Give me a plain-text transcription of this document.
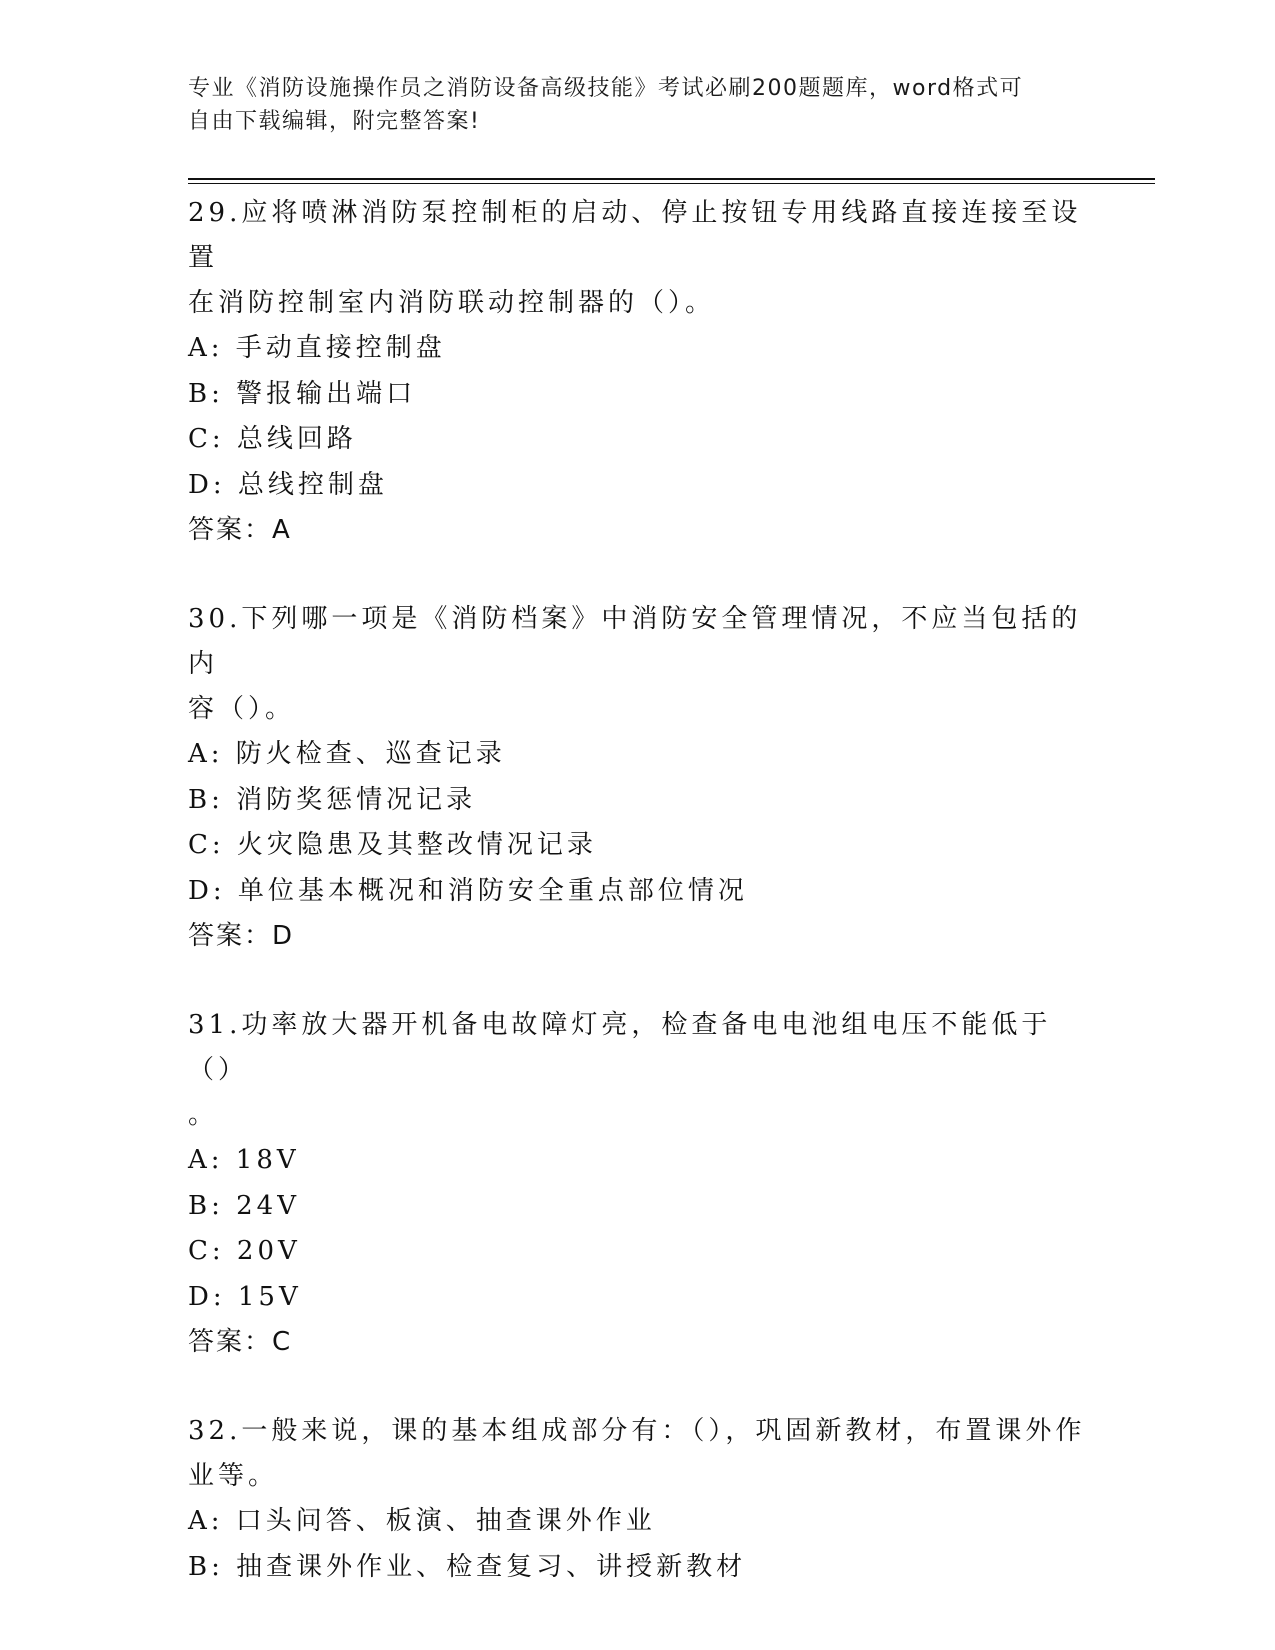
专业《消防设施操作员之消防设备高级技能》考试必刷200题题库，word格式可
自由下载编辑，附完整答案!
29.应将喷淋消防泵控制柜的启动、停止按钮专用线路直接连接至设置
在消防控制室内消防联动控制器的（）。
A: 手动直接控制盘
B: 警报输出端口
C: 总线回路
D: 总线控制盘
答案：A
30.下列哪一项是《消防档案》中消防安全管理情况，不应当包括的内
容（）。
A: 防火检查、巡查记录
B: 消防奖惩情况记录
C: 火灾隐患及其整改情况记录
D: 单位基本概况和消防安全重点部位情况
答案：D
31.功率放大器开机备电故障灯亮，检查备电电池组电压不能低于（）
。
A: 18V
B: 24V
C: 20V
D: 15V
答案：C
32.一般来说，课的基本组成部分有：（），巩固新教材，布置课外作
业等。
A: 口头问答、板演、抽查课外作业
B: 抽查课外作业、检查复习、讲授新教材
